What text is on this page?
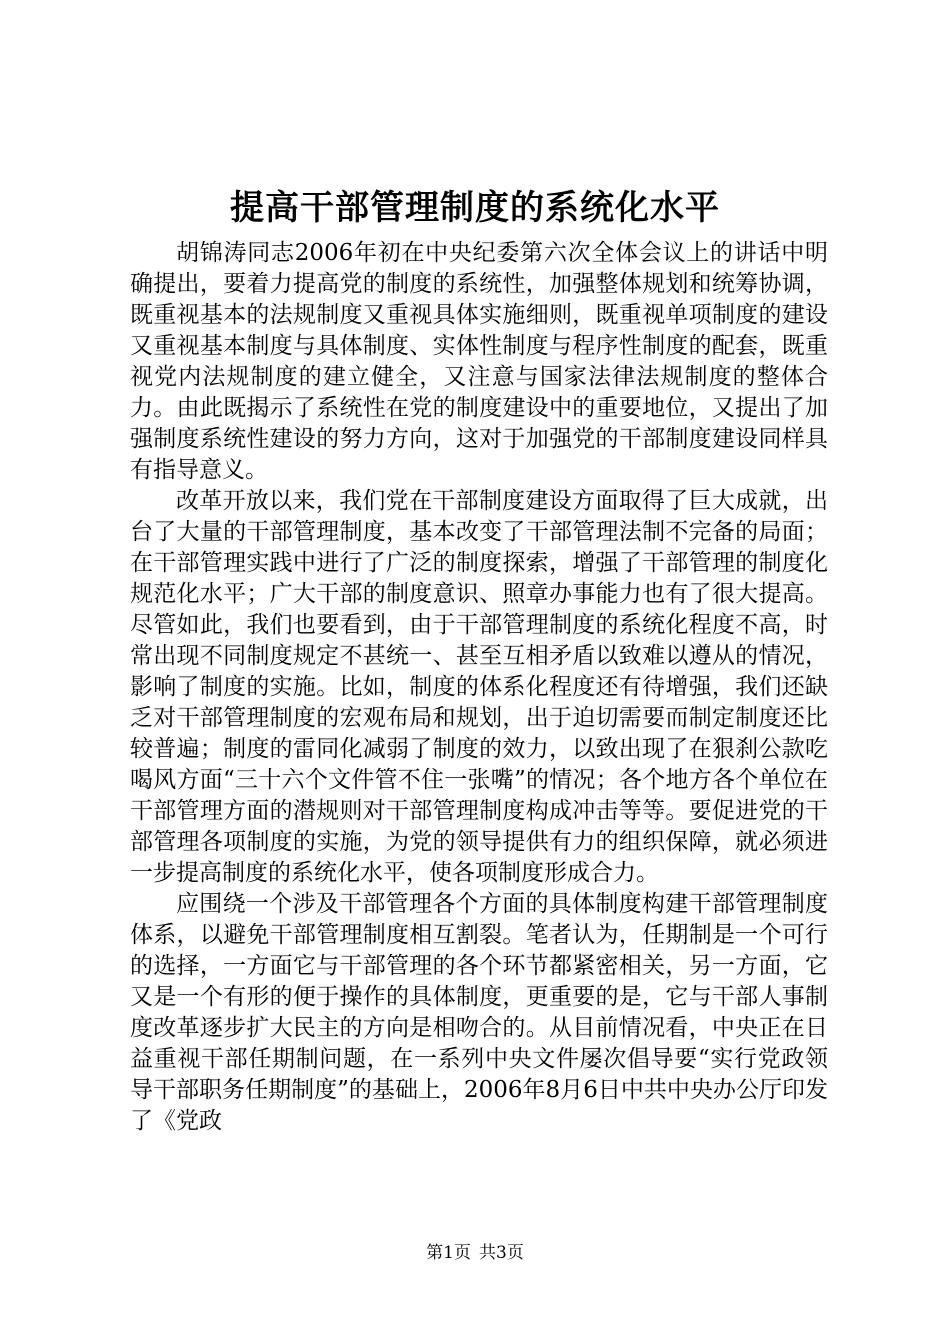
提高干部管理制度的系统化水平

胡锦涛同志2006年初在中央纪委第六次全体会议上的讲话中明确提出，要着力提高党的制度的系统性，加强整体规划和统筹协调，既重视基本的法规制度又重视具体实施细则，既重视单项制度的建设又重视基本制度与具体制度、实体性制度与程序性制度的配套，既重视党内法规制度的建立健全，又注意与国家法律法规制度的整体合力。由此既揭示了系统性在党的制度建设中的重要地位，又提出了加强制度系统性建设的努力方向，这对于加强党的干部制度建设同样具有指导意义。

改革开放以来，我们党在干部制度建设方面取得了巨大成就，出台了大量的干部管理制度，基本改变了干部管理法制不完备的局面；在干部管理实践中进行了广泛的制度探索，增强了干部管理的制度化规范化水平；广大干部的制度意识、照章办事能力也有了很大提高。尽管如此，我们也要看到，由于干部管理制度的系统化程度不高，时常出现不同制度规定不甚统一、甚至互相矛盾以致难以遵从的情况，影响了制度的实施。比如，制度的体系化程度还有待增强，我们还缺乏对干部管理制度的宏观布局和规划，出于迫切需要而制定制度还比较普遍；制度的雷同化减弱了制度的效力，以致出现了在狠刹公款吃喝风方面“三十六个文件管不住一张嘴”的情况；各个地方各个单位在干部管理方面的潜规则对干部管理制度构成冲击等等。要促进党的干部管理各项制度的实施，为党的领导提供有力的组织保障，就必须进一步提高制度的系统化水平，使各项制度形成合力。

应围绕一个涉及干部管理各个方面的具体制度构建干部管理制度体系，以避免干部管理制度相互割裂。笔者认为，任期制是一个可行的选择，一方面它与干部管理的各个环节都紧密相关，另一方面，它又是一个有形的便于操作的具体制度，更重要的是，它与干部人事制度改革逐步扩大民主的方向是相吻合的。从目前情况看，中央正在日益重视干部任期制问题，在一系列中央文件屡次倡导要“实行党政领导干部职务任期制度”的基础上，2006年8月6日中共中央办公厅印发了《党政

第1页 共3页
